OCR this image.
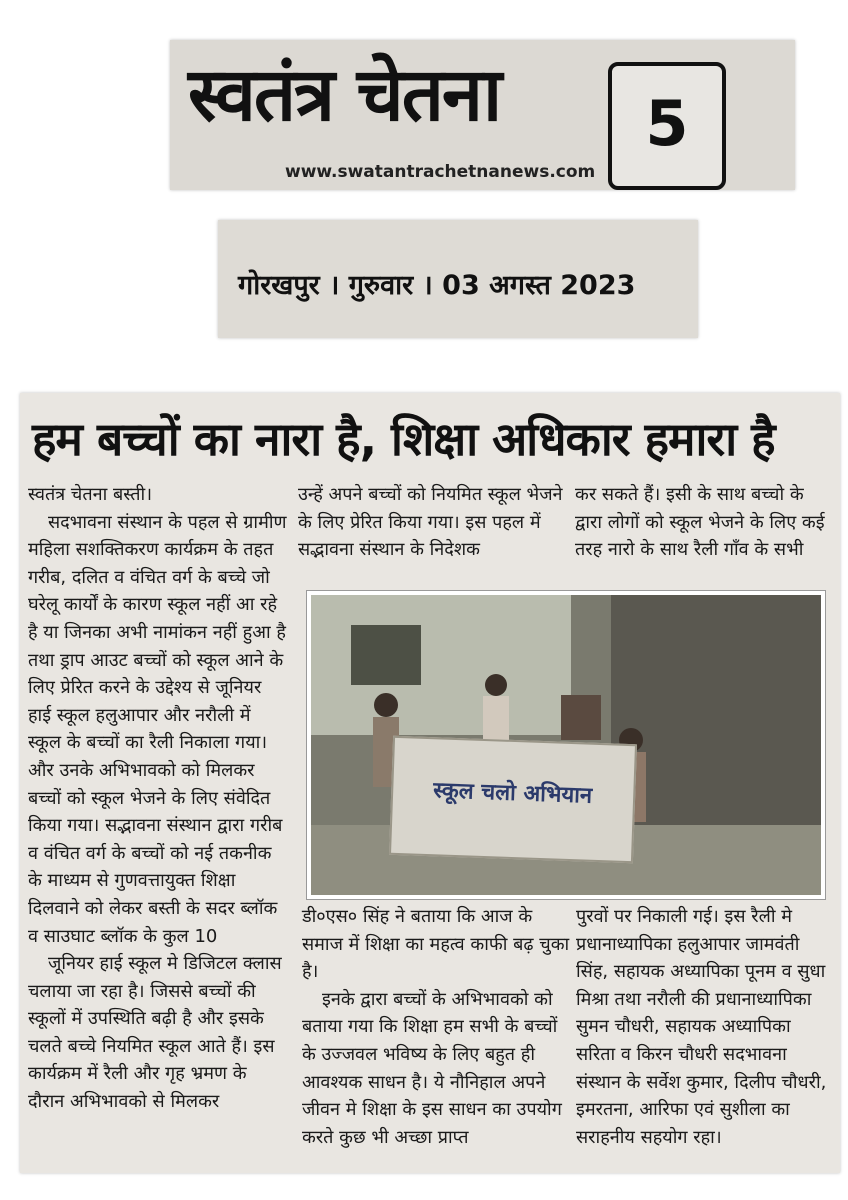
स्वतंत्र चेतना
www.swatantrachetnanews.com
5
गोरखपुर । गुरुवार । 03 अगस्त 2023
हम बच्चों का नारा है, शिक्षा अधिकार हमारा है

स्वतंत्र चेतना बस्ती।

सदभावना संस्थान के पहल से ग्रामीण महिला सशक्तिकरण कार्यक्रम के तहत गरीब, दलित व वंचित वर्ग के बच्चे जो घरेलू कार्यों के कारण स्कूल नहीं आ रहे है या जिनका अभी नामांकन नहीं हुआ है तथा ड्राप आउट बच्चों को स्कूल आने के लिए प्रेरित करने के उद्देश्य से जूनियर हाई स्कूल हलुआपार और नरौली में स्कूल के बच्चों का रैली निकाला गया। और उनके अभिभावको को मिलकर बच्चों को स्कूल भेजने के लिए संवेदित किया गया। सद्भावना संस्थान द्वारा गरीब व वंचित वर्ग के बच्चों को नई तकनीक के माध्यम से गुणवत्तायुक्त शिक्षा दिलवाने को लेकर बस्ती के सदर ब्लॉक व साउघाट ब्लॉक के कुल 10

जूनियर हाई स्कूल मे डिजिटल क्लास चलाया जा रहा है। जिससे बच्चों की स्कूलों में उपस्थिति बढ़ी है और इसके चलते बच्चे नियमित स्कूल आते हैं। इस कार्यक्रम में रैली और गृह भ्रमण के दौरान अभिभावको से मिलकर

उन्हें अपने बच्चों को नियमित स्कूल भेजने के लिए प्रेरित किया गया। इस पहल में सद्भावना संस्थान के निदेशक

कर सकते हैं। इसी के साथ बच्चो के द्वारा लोगों को स्कूल भेजने के लिए कई तरह नारो के साथ रैली गाँव के सभी

स्कूल चलो अभियान

डी०एस० सिंह ने बताया कि आज के समाज में शिक्षा का महत्व काफी बढ़ चुका है।

इनके द्वारा बच्चों के अभिभावको को बताया गया कि शिक्षा हम सभी के बच्चों के उज्जवल भविष्य के लिए बहुत ही आवश्यक साधन है। ये नौनिहाल अपने जीवन मे शिक्षा के इस साधन का उपयोग करते कुछ भी अच्छा प्राप्त

पुरवों पर निकाली गई। इस रैली मे प्रधानाध्यापिका हलुआपार जामवंती सिंह, सहायक अध्यापिका पूनम व सुधा मिश्रा तथा नरौली की प्रधानाध्यापिका सुमन चौधरी, सहायक अध्यापिका सरिता व किरन चौधरी सदभावना संस्थान के सर्वेश कुमार, दिलीप चौधरी, इमरतना, आरिफा एवं सुशीला का सराहनीय सहयोग रहा।
